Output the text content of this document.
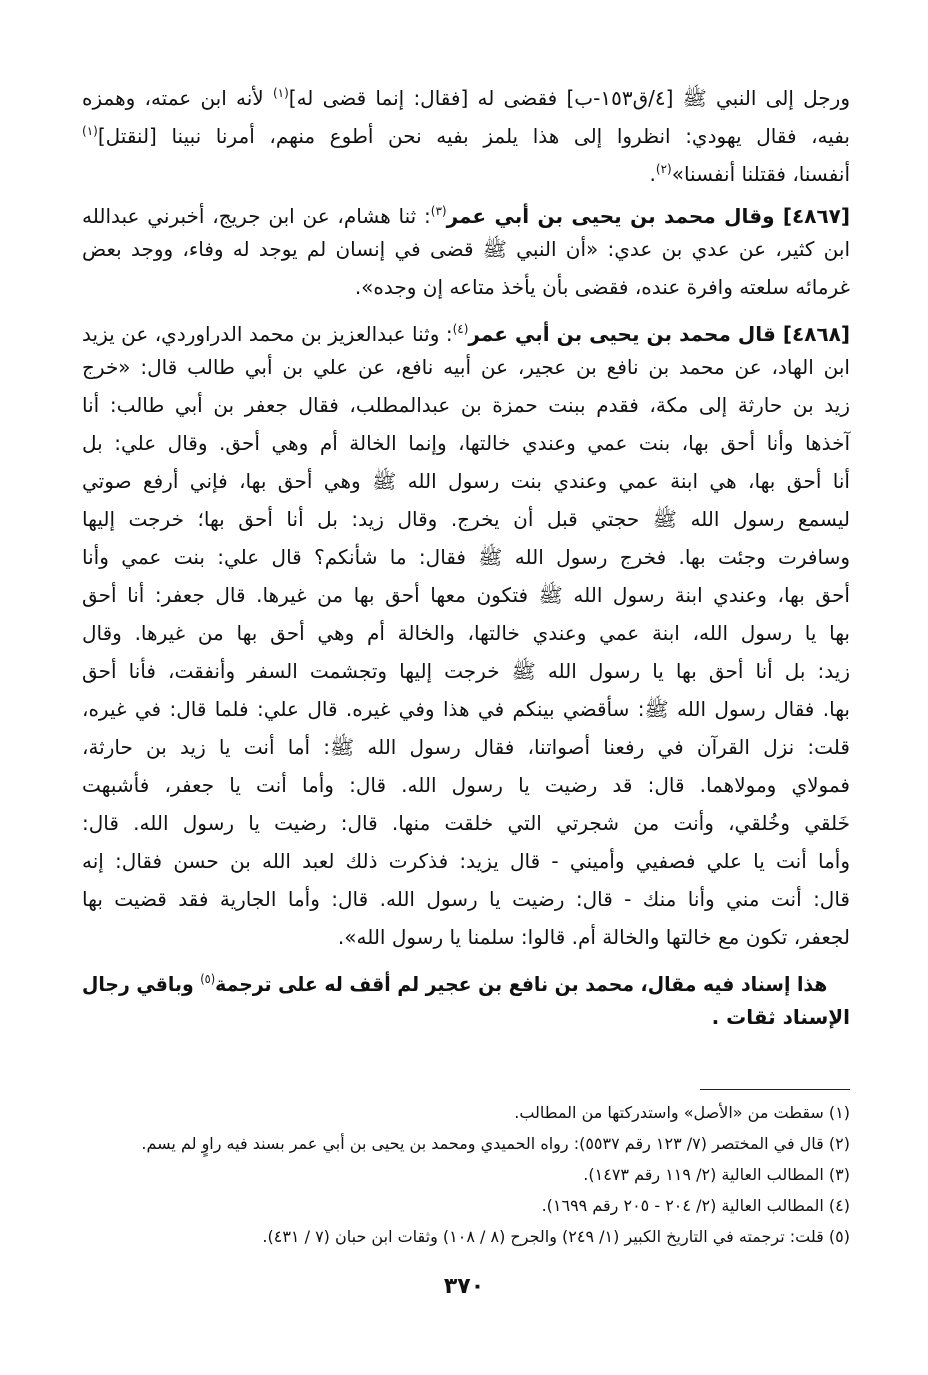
ورجل إلى النبي ﷺ [٤/ق١٥٣-ب] فقضى له [فقال: إنما قضى له]$^{(١)}$ لأنه ابن عمته، وهمزه
بفيه، فقال يهودي: انظروا إلى هذا يلمز بفيه نحن أطوع منهم، أمرنا نبينا [لنقتل]$^{(١)}$
أنفسنا، فقتلنا أنفسنا»$^{(٢)}$.
[٤٨٦٧] وقال محمد بن يحيى بن أبي عمر$^{(٣)}$: ثنا هشام، عن ابن جريج، أخبرني عبدالله
ابن كثير، عن عدي بن عدي: «أن النبي ﷺ قضى في إنسان لم يوجد له وفاء، ووجد بعض
غرمائه سلعته وافرة عنده، فقضى بأن يأخذ متاعه إن وجده».
[٤٨٦٨] قال محمد بن يحيى بن أبي عمر$^{(٤)}$: وثنا عبدالعزيز بن محمد الدراوردي، عن يزيد
ابن الهاد، عن محمد بن نافع بن عجير، عن أبيه نافع، عن علي بن أبي طالب قال: «خرج
زيد بن حارثة إلى مكة، فقدم ببنت حمزة بن عبدالمطلب، فقال جعفر بن أبي طالب: أنا
آخذها وأنا أحق بها، بنت عمي وعندي خالتها، وإنما الخالة أم وهي أحق. وقال علي: بل
أنا أحق بها، هي ابنة عمي وعندي بنت رسول الله ﷺ وهي أحق بها، فإني أرفع صوتي
ليسمع رسول الله ﷺ حجتي قبل أن يخرج. وقال زيد: بل أنا أحق بها؛ خرجت إليها
وسافرت وجئت بها. فخرج رسول الله ﷺ فقال: ما شأنكم؟ قال علي: بنت عمي وأنا
أحق بها، وعندي ابنة رسول الله ﷺ فتكون معها أحق بها من غيرها. قال جعفر: أنا أحق
بها يا رسول الله، ابنة عمي وعندي خالتها، والخالة أم وهي أحق بها من غيرها. وقال
زيد: بل أنا أحق بها يا رسول الله ﷺ خرجت إليها وتجشمت السفر وأنفقت، فأنا أحق
بها. فقال رسول الله ﷺ: سأقضي بينكم في هذا وفي غيره. قال علي: فلما قال: في غيره،
قلت: نزل القرآن في رفعنا أصواتنا، فقال رسول الله ﷺ: أما أنت يا زيد بن حارثة،
فمولاي ومولاهما. قال: قد رضيت يا رسول الله. قال: وأما أنت يا جعفر، فأشبهت
خَلقي وخُلقي، وأنت من شجرتي التي خلقت منها. قال: رضيت يا رسول الله. قال:
وأما أنت يا علي فصفيي وأميني - قال يزيد: فذكرت ذلك لعبد الله بن حسن فقال: إنه
قال: أنت مني وأنا منك - قال: رضيت يا رسول الله. قال: وأما الجارية فقد قضيت بها
لجعفر، تكون مع خالتها والخالة أم. قالوا: سلمنا يا رسول الله».
هذا إسناد فيه مقال، محمد بن نافع بن عجير لم أقف له على ترجمة$^{(٥)}$ وباقي رجال
الإسناد ثقات .
(١) سقطت من «الأصل» واستدركتها من المطالب.
(٢) قال في المختصر (٧/ ١٢٣ رقم ٥٥٣٧): رواه الحميدي ومحمد بن يحيى بن أبي عمر بسند فيه راوٍ لم يسم.
(٣) المطالب العالية (٢/ ١١٩ رقم ١٤٧٣).
(٤) المطالب العالية (٢/ ٢٠٤ - ٢٠٥ رقم ١٦٩٩).
(٥) قلت: ترجمته في التاريخ الكبير (١/ ٢٤٩) والجرح (٨ / ١٠٨) وثقات ابن حبان (٧ / ٤٣١).
٣٧٠
